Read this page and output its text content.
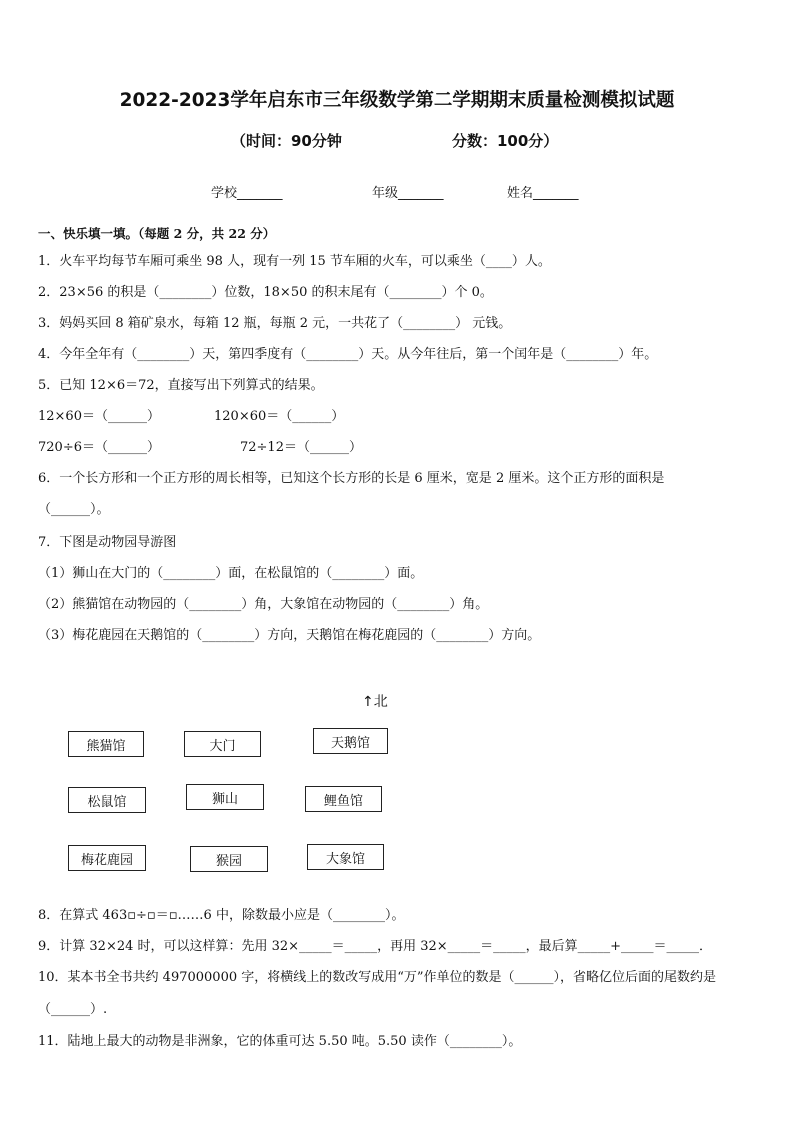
2022-2023学年启东市三年级数学第二学期期末质量检测模拟试题
（时间：90分钟	分数：100分）
学校_______	年级_______	姓名_______
一、快乐填一填。（每题 2 分，共 22 分）
1．火车平均每节车厢可乘坐 98 人，现有一列 15 节车厢的火车，可以乘坐（____）人。
2．23×56 的积是（________）位数，18×50 的积末尾有（________）个 0。
3．妈妈买回 8 箱矿泉水，每箱 12 瓶，每瓶 2 元，一共花了（________） 元钱。
4．今年全年有（________）天，第四季度有（________）天。从今年往后，第一个闰年是（________）年。
5．已知 12×6＝72，直接写出下列算式的结果。
12×60＝（______）	120×60＝（______）
720÷6＝（______）	72÷12＝（______）
6．一个长方形和一个正方形的周长相等，已知这个长方形的长是 6 厘米，宽是 2 厘米。这个正方形的面积是
（______）。
7．下图是动物园导游图
（1）狮山在大门的（________）面，在松鼠馆的（________）面。
（2）熊猫馆在动物园的（________）角，大象馆在动物园的（________）角。
（3）梅花鹿园在天鹅馆的（________）方向，天鹅馆在梅花鹿园的（________）方向。
↑北
熊猫馆	大门	天鹅馆
松鼠馆	狮山	鲤鱼馆
梅花鹿园	猴园	大象馆
8．在算式 463▫÷▫＝▫……6 中，除数最小应是（________）。
9．计算 32×24 时，可以这样算：先用 32×_____＝_____，再用 32×_____＝_____，最后算_____+_____＝_____．
10．某本书全书共约 497000000 字，将横线上的数改写成用“万”作单位的数是（______），省略亿位后面的尾数约是
（______）.
11．陆地上最大的动物是非洲象，它的体重可达 5.50 吨。5.50 读作（________）。
